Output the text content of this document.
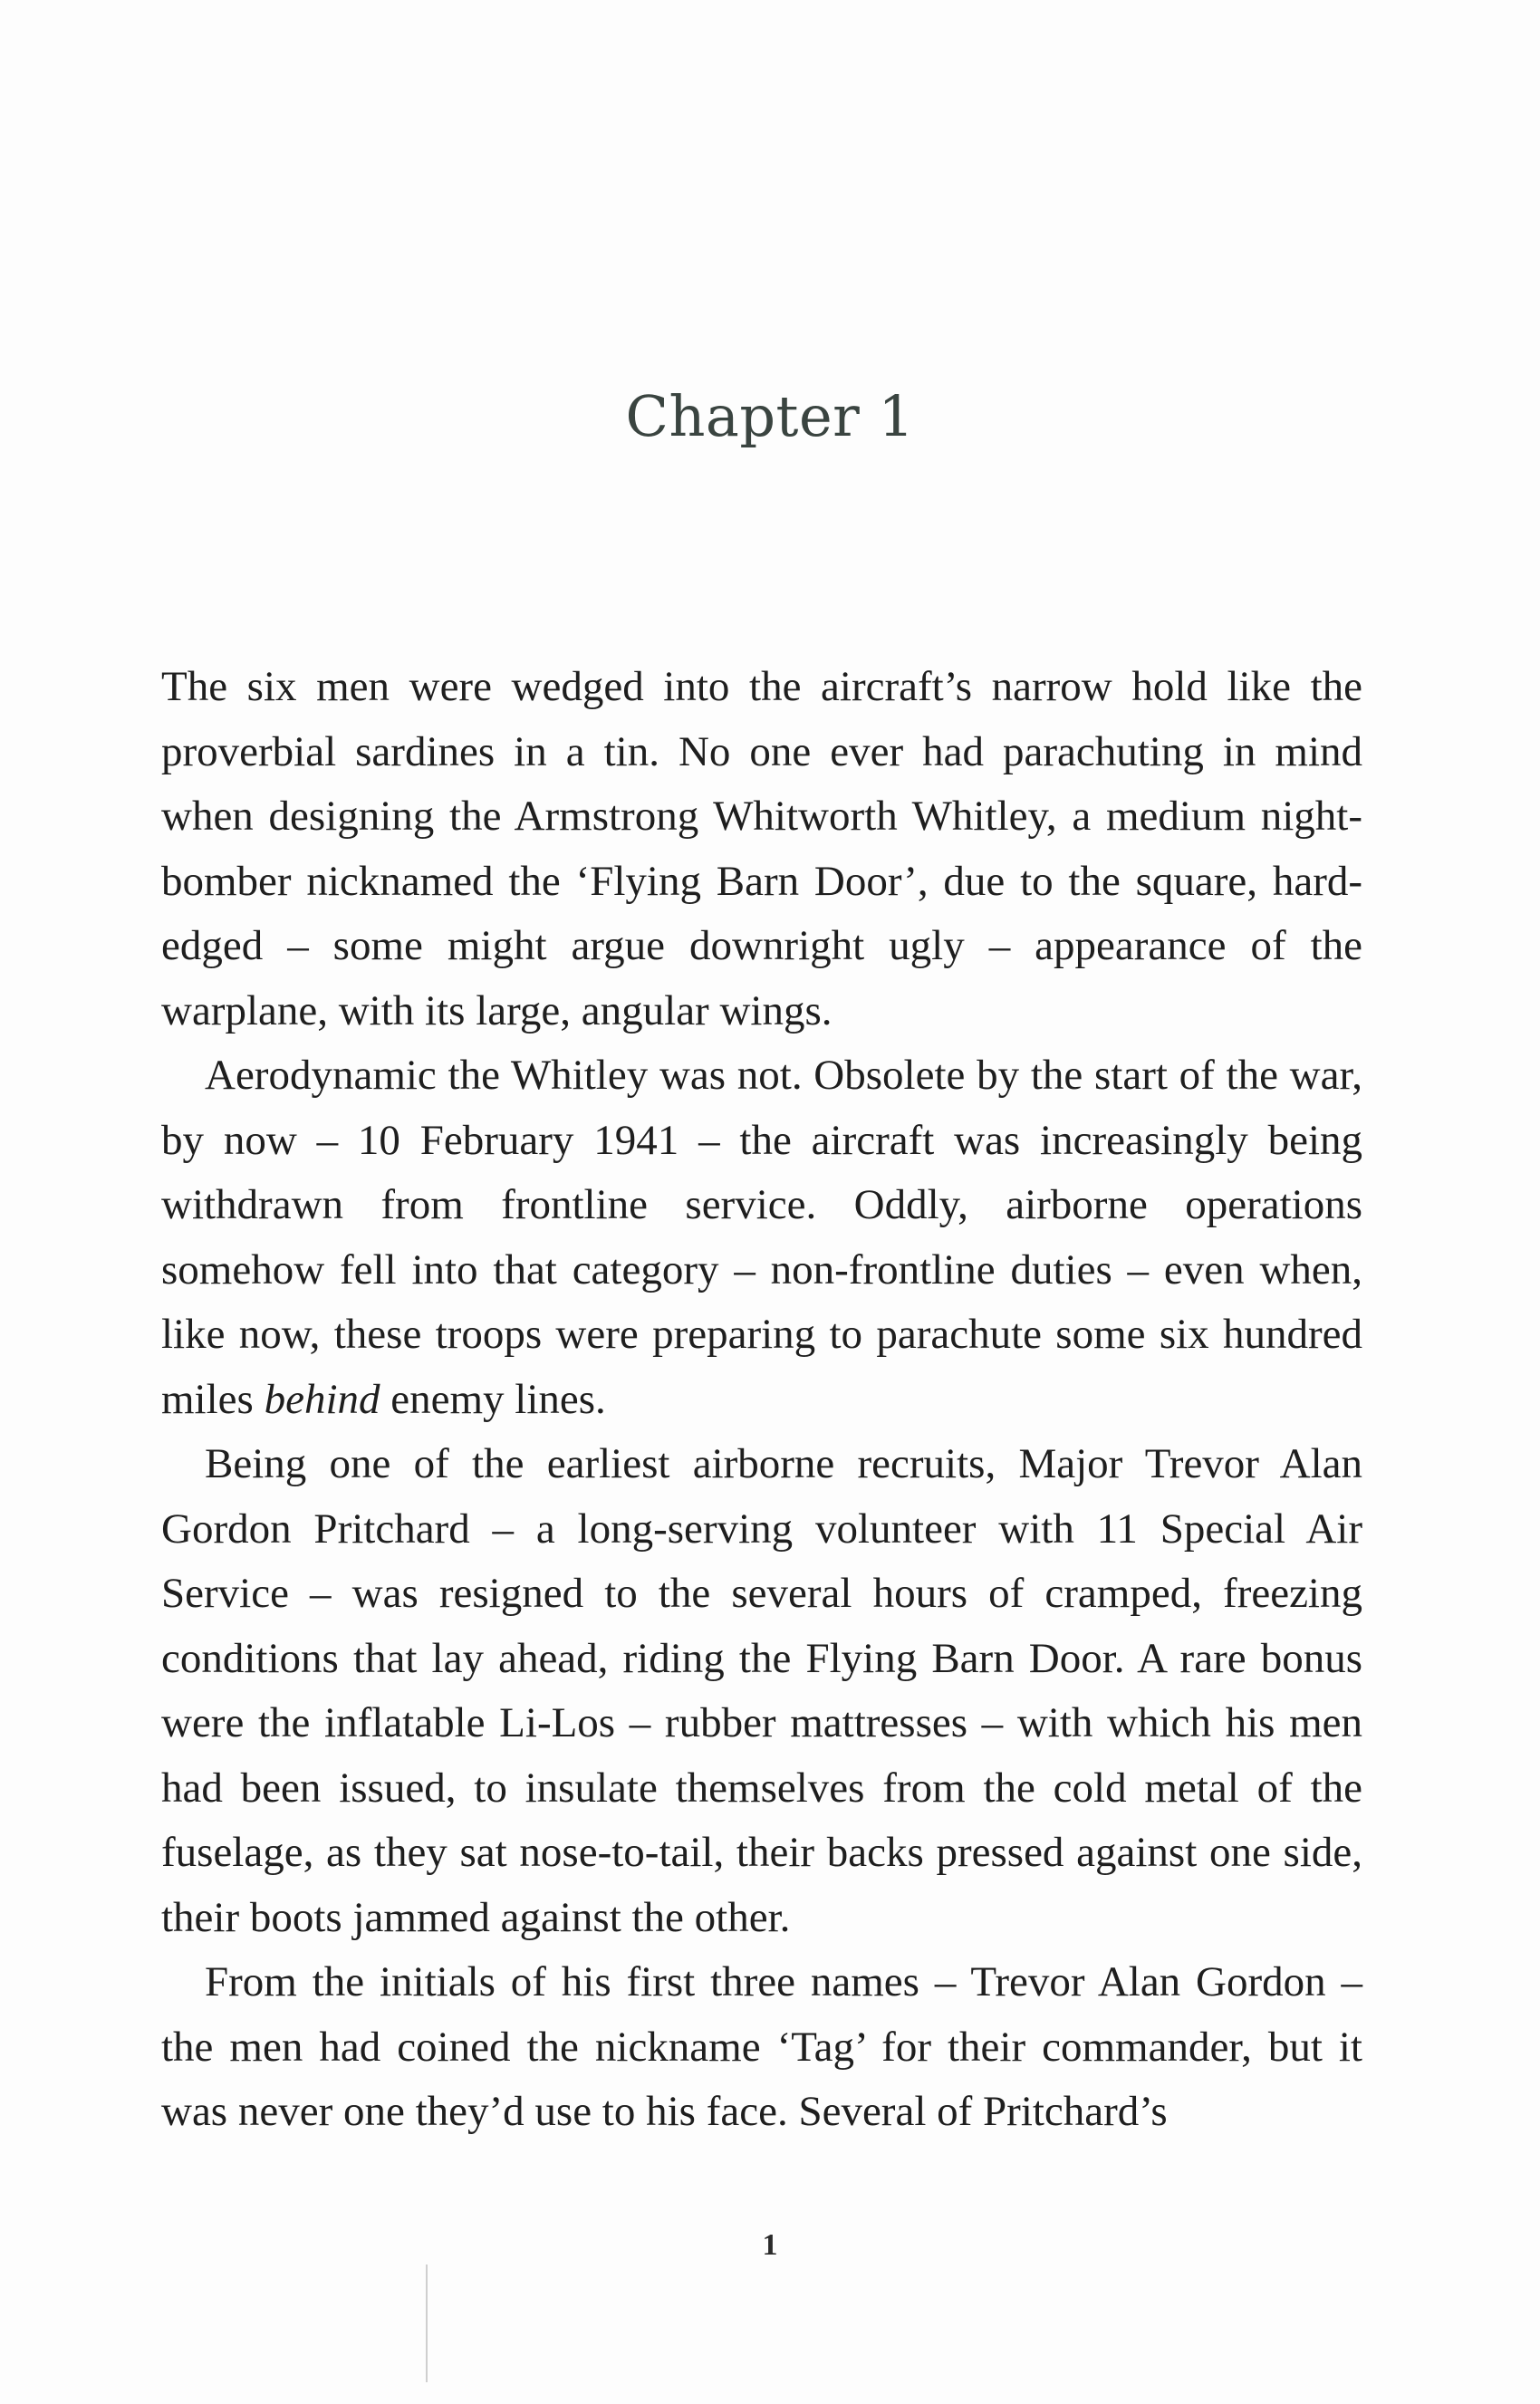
Chapter 1

The six men were wedged into the aircraft’s narrow hold like the proverbial sardines in a tin. No one ever had parachuting in mind when designing the Armstrong Whitworth Whitley, a medium night-bomber nicknamed the ‘Flying Barn Door’, due to the square, hard-edged – some might argue downright ugly – appearance of the warplane, with its large, angular wings.

Aerodynamic the Whitley was not. Obsolete by the start of the war, by now – 10 February 1941 – the aircraft was increasingly being withdrawn from frontline service. Oddly, airborne operations somehow fell into that category – non-frontline duties – even when, like now, these troops were preparing to parachute some six hundred miles behind enemy lines.

Being one of the earliest airborne recruits, Major Trevor Alan Gordon Pritchard – a long-serving volunteer with 11 Special Air Service – was resigned to the several hours of cramped, freezing conditions that lay ahead, riding the Flying Barn Door. A rare bonus were the inflatable Li-Los – rubber mattresses – with which his men had been issued, to insulate themselves from the cold metal of the fuselage, as they sat nose-to-tail, their backs pressed against one side, their boots jammed against the other.

From the initials of his first three names – Trevor Alan Gordon – the men had coined the nickname ‘Tag’ for their commander, but it was never one they’d use to his face. Several of Pritchard’s

1
